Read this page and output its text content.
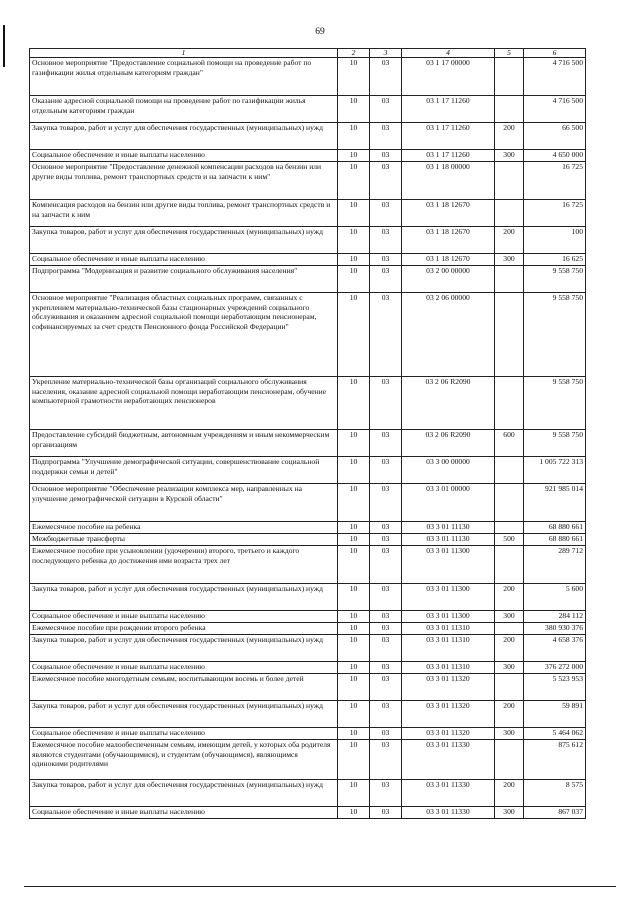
69
1	2	3	4	5	6
Основное мероприятие "Предоставление социальной помощи на проведение работ по газификации жилья отдельным категориям граждан"	10	03	03 1 17 00000		4 716 500
Оказание адресной социальной помощи на проведение работ по газификации жилья отдельным категориям граждан	10	03	03 1 17 11260		4 716 500
Закупка товаров, работ и услуг для обеспечения государственных (муниципальных) нужд	10	03	03 1 17 11260	200	66 500
Социальное обеспечение и иные выплаты населению	10	03	03 1 17 11260	300	4 650 000
Основное мероприятие "Предоставление денежной компенсации расходов на бензин или другие виды топлива, ремонт транспортных средств и на запчасти к ним"	10	03	03 1 18 00000		16 725
Компенсация расходов на бензин или другие виды топлива, ремонт транспортных средств и на запчасти к ним	10	03	03 1 18 12670		16 725
Закупка товаров, работ и услуг для обеспечения государственных (муниципальных) нужд	10	03	03 1 18 12670	200	100
Социальное обеспечение и иные выплаты населению	10	03	03 1 18 12670	300	16 625
Подпрограмма "Модернизация и развитие социального обслуживания населения"	10	03	03 2 00 00000		9 558 750
Основное мероприятие "Реализация областных социальных программ, связанных с укреплением материально-технической базы стационарных учреждений социального обслуживания и оказанием адресной социальной помощи неработающим пенсионерам, софинансируемых за счет средств Пенсионного фонда Российской Федерации"	10	03	03 2 06 00000		9 558 750
Укрепление материально-технической базы организаций социального обслуживания населения, оказание адресной социальной помощи неработающим пенсионерам, обучение компьютерной грамотности неработающих пенсионеров	10	03	03 2 06 R2090		9 558 750
Предоставление субсидий бюджетным, автономным учреждениям и иным некоммерческим организациям	10	03	03 2 06 R2090	600	9 558 750
Подпрограмма "Улучшение демографической ситуации, совершенствование социальной поддержки семьи и детей"	10	03	03 3 00 00000		1 005 722 313
Основное мероприятие "Обеспечение реализации комплекса мер, направленных на улучшение демографической ситуации в Курской области"	10	03	03 3 01 00000		921 985 014
Ежемесячное пособие на ребенка	10	03	03 3 01 11130		68 880 661
Межбюджетные трансферты	10	03	03 3 01 11130	500	68 880 661
Ежемесячное пособие при усыновлении (удочерении) второго, третьего и каждого последующего ребенка до достижения ими возраста трех лет	10	03	03 3 01 11300		289 712
Закупка товаров, работ и услуг для обеспечения государственных (муниципальных) нужд	10	03	03 3 01 11300	200	5 600
Социальное обеспечение и иные выплаты населению	10	03	03 3 01 11300	300	284 112
Ежемесячное пособие при рождении второго ребенка	10	03	03 3 01 11310		380 930 376
Закупка товаров, работ и услуг для обеспечения государственных (муниципальных) нужд	10	03	03 3 01 11310	200	4 658 376
Социальное обеспечение и иные выплаты населению	10	03	03 3 01 11310	300	376 272 000
Ежемесячное пособие многодетным семьям, воспитывающим восемь и более детей	10	03	03 3 01 11320		5 523 953
Закупка товаров, работ и услуг для обеспечения государственных (муниципальных) нужд	10	03	03 3 01 11320	200	59 891
Социальное обеспечение и иные выплаты населению	10	03	03 3 01 11320	300	5 464 062
Ежемесячное пособие малообеспеченным семьям, имеющим детей, у которых оба родителя являются студентами (обучающимися), и студентам (обучающимся), являющимся одинокими родителями	10	03	03 3 01 11330		875 612
Закупка товаров, работ и услуг для обеспечения государственных (муниципальных) нужд	10	03	03 3 01 11330	200	8 575
Социальное обеспечение и иные выплаты населению	10	03	03 3 01 11330	300	867 037
